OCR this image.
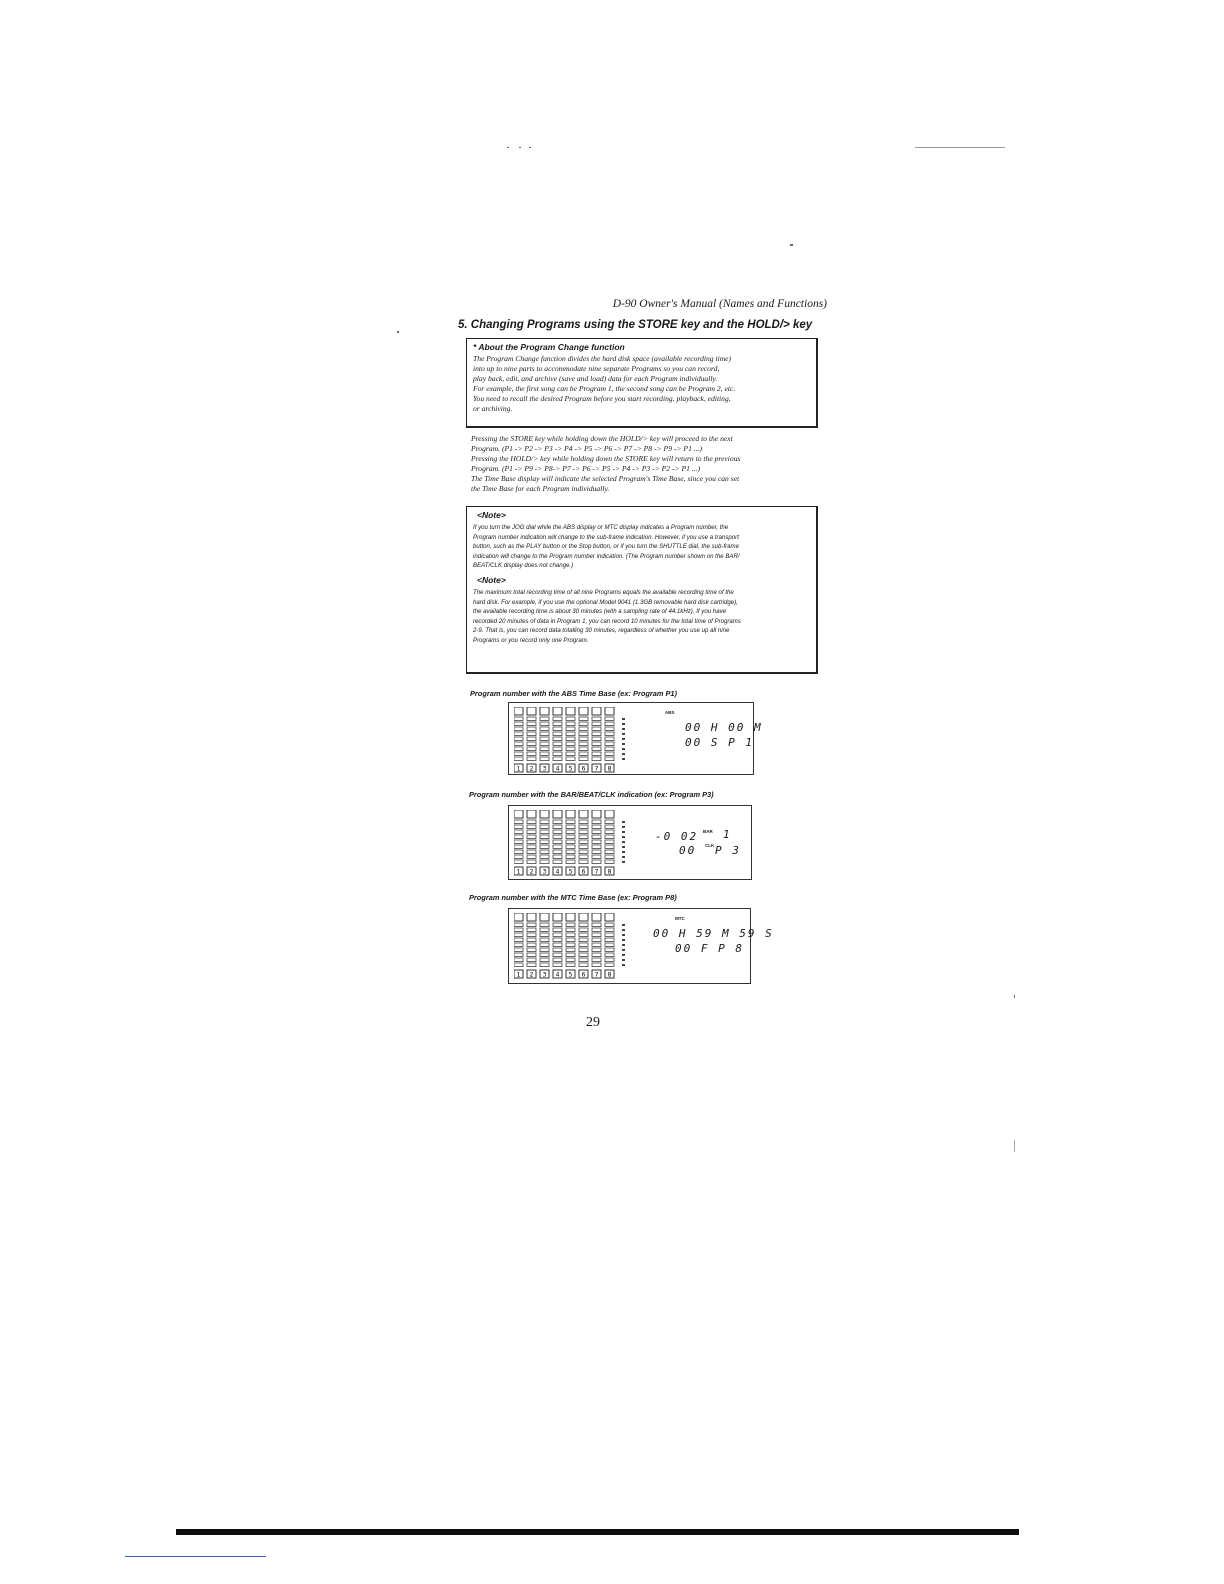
D-90 Owner's Manual (Names and Functions)
5. Changing Programs using the STORE key and the HOLD/> key
* About the Program Change function
The Program Change function divides the hard disk space (available recording time)
into up to nine parts to accommodate nine separate Programs so you can record,
play back, edit, and archive (save and load) data for each Program individually.
For example, the first song can be Program 1, the second song can be Program 2, etc.
You need to recall the desired Program before you start recording, playback, editing,
or archiving.

Pressing the STORE key while holding down the HOLD/> key will proceed to the next

Program. (P1 -> P2 -> P3 -> P4 -> P5 -> P6 -> P7 -> P8 -> P9 -> P1 ...)

Pressing the HOLD/> key while holding down the STORE key will return to the previous

Program. (P1 -> P9 -> P8-> P7 -> P6 -> P5 -> P4 -> P3 -> P2 -> P1 ...)

The Time Base display will indicate the selected Program's Time Base, since you can set

the Time Base for each Program individually.

<Note>
If you turn the JOG dial while the ABS display or MTC display indicates a Program number, the
Program number indication will change to the sub-frame indication. However, if you use a transport
button, such as the PLAY button or the Stop button, or if you turn the SHUTTLE dial, the sub-frame
indication will change to the Program number indication. (The Program number shown on the BAR/
BEAT/CLK display does not change.)
<Note>
The maximum total recording time of all nine Programs equals the available recording time of the
hard disk. For example, if you use the optional Model 9041 (1.3GB removable hard disk cartridge),
the available recording time is about 30 minutes (with a sampling rate of 44.1kHz). If you have
recorded 20 minutes of data in Program 1, you can record 10 minutes for the total time of Programs
2-9. That is, you can record data totalling 30 minutes, regardless of whether you use up all nine
Programs or you record only one Program.
Program number with the ABS Time Base (ex: Program P1)
1 2 3 4 5 6 7 8
ABS
00 H 00 M
00 S P 1
Program number with the BAR/BEAT/CLK indication (ex: Program P3)
1 2 3 4 5 6 7 8
-0 02 BAR 1
00 CLK P 3
Program number with the MTC Time Base (ex: Program P8)
1 2 3 4 5 6 7 8
MTC
00 H 59 M 59 S
00 F P 8
29
